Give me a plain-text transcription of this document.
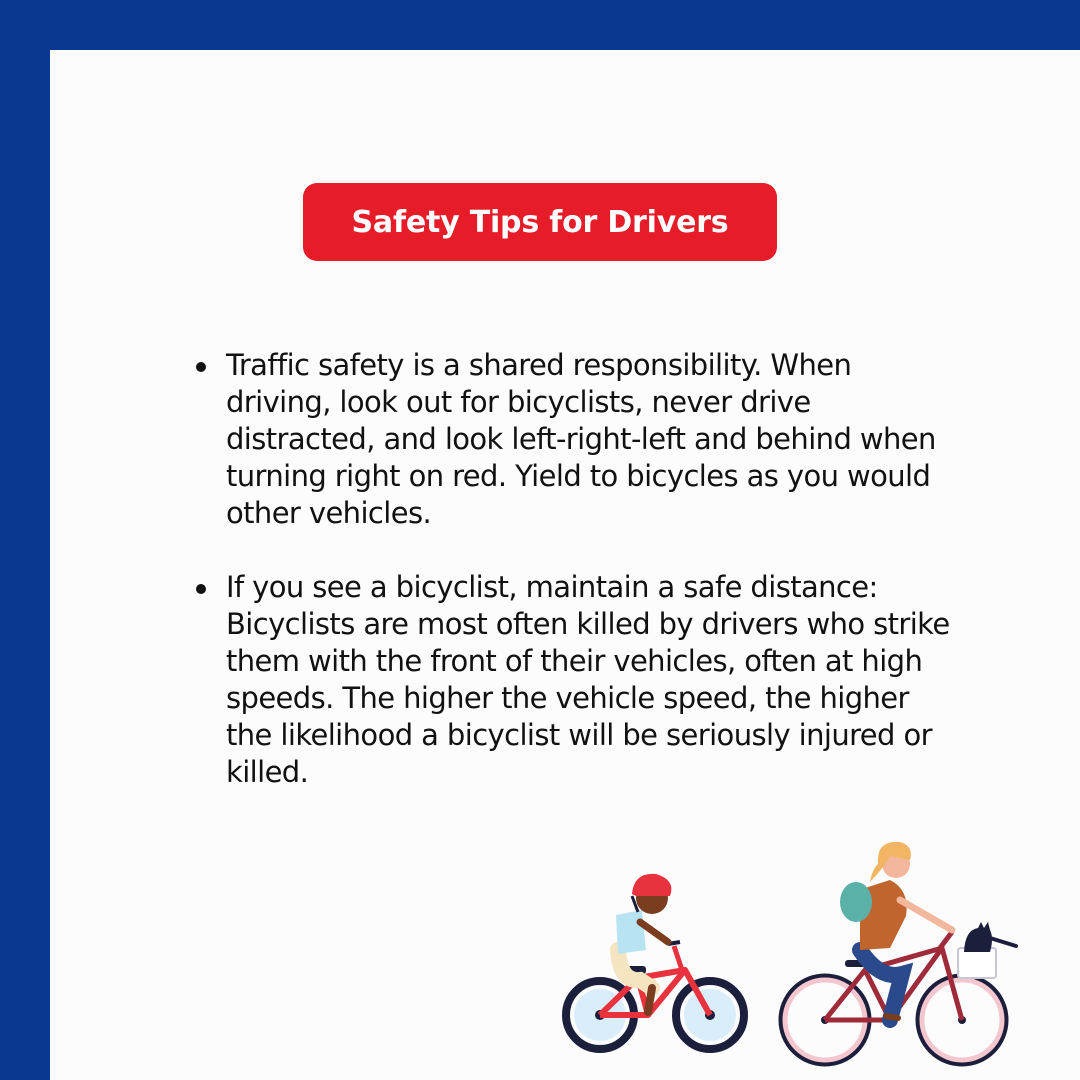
Safety Tips for Drivers
Traffic safety is a shared responsibility. When driving, look out for bicyclists, never drive distracted, and look left-right-left and behind when turning right on red. Yield to bicycles as you would other vehicles.
If you see a bicyclist, maintain a safe distance: Bicyclists are most often killed by drivers who strike them with the front of their vehicles, often at high speeds. The higher the vehicle speed, the higher the likelihood a bicyclist will be seriously injured or killed.
